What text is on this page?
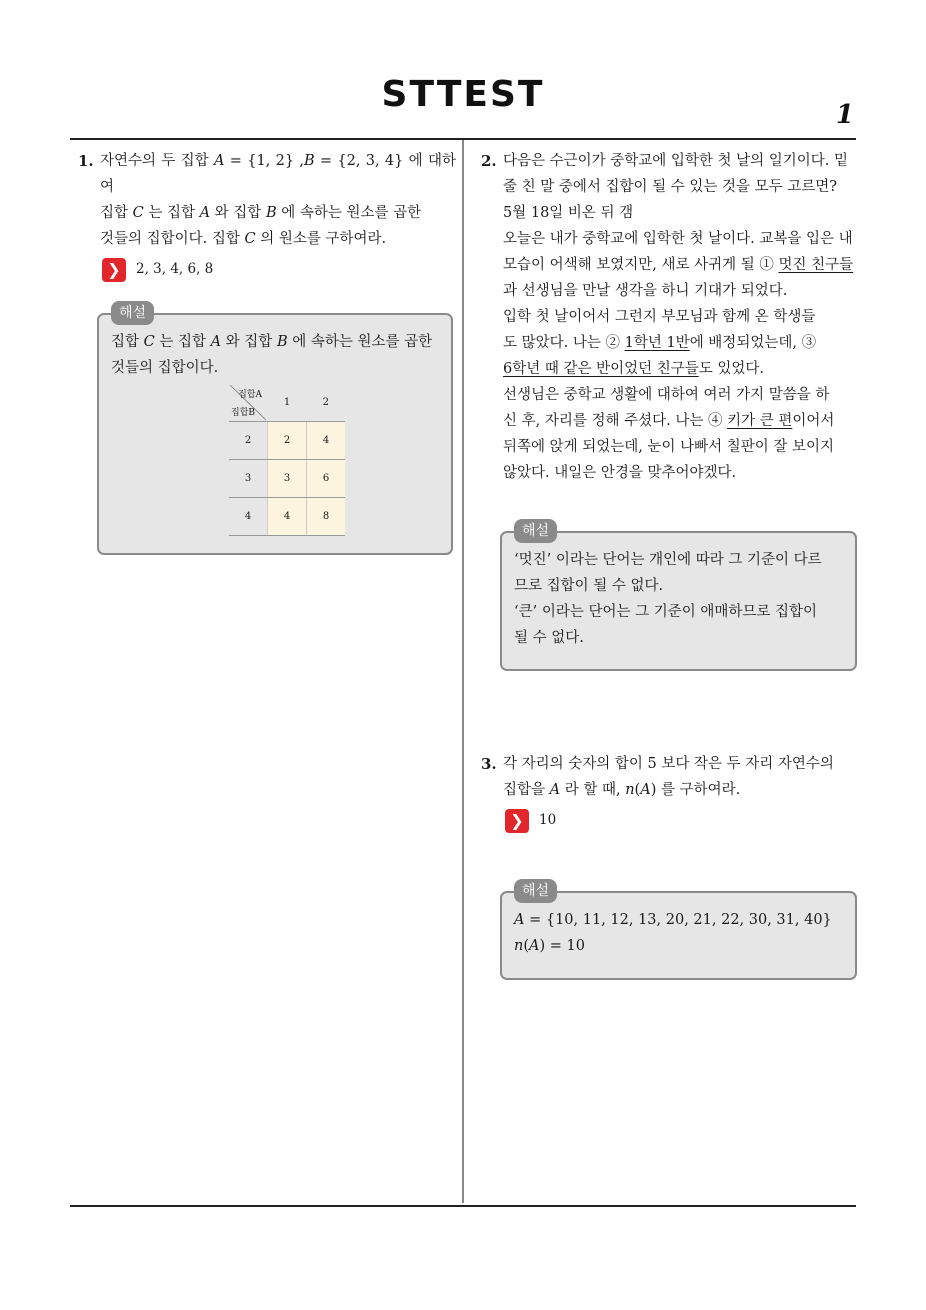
STTEST	1
1. 자연수의 두 집합 A = {1, 2} ,B = {2, 3, 4} 에 대하여
집합 C 는 집합 A 와 집합 B 에 속하는 원소를 곱한
것들의 집합이다. 집합 C 의 원소를 구하여라.
❯	2, 3, 4, 6, 8
해설
집합 C 는 집합 A 와 집합 B 에 속하는 원소를 곱한
것들의 집합이다.
집합A
집합B	1	2
2	2	4
3	3	6
4	4	8
2. 다음은 수근이가 중학교에 입학한 첫 날의 일기이다. 밑
줄 친 말 중에서 집합이 될 수 있는 것을 모두 고르면?
5월 18일 비온 뒤 갬
오늘은 내가 중학교에 입학한 첫 날이다. 교복을 입은 내
모습이 어색해 보였지만, 새로 사귀게 될 ① 멋진 친구들
과 선생님을 만날 생각을 하니 기대가 되었다.
입학 첫 날이어서 그런지 부모님과 함께 온 학생들
도 많았다. 나는 ② 1학년 1반에 배정되었는데, ③
6학년 때 같은 반이었던 친구들도 있었다.
선생님은 중학교 생활에 대하여 여러 가지 말씀을 하
신 후, 자리를 정해 주셨다. 나는 ④ 키가 큰 편이어서
뒤쪽에 앉게 되었는데, 눈이 나빠서 칠판이 잘 보이지
않았다. 내일은 안경을 맞추어야겠다.
해설
‘멋진’ 이라는 단어는 개인에 따라 그 기준이 다르
므로 집합이 될 수 없다.
‘큰’ 이라는 단어는 그 기준이 애매하므로 집합이
될 수 없다.
3. 각 자리의 숫자의 합이 5 보다 작은 두 자리 자연수의
집합을 A 라 할 때, n(A) 를 구하여라.
❯	10
해설
A = {10, 11, 12, 13, 20, 21, 22, 30, 31, 40}
n(A) = 10
